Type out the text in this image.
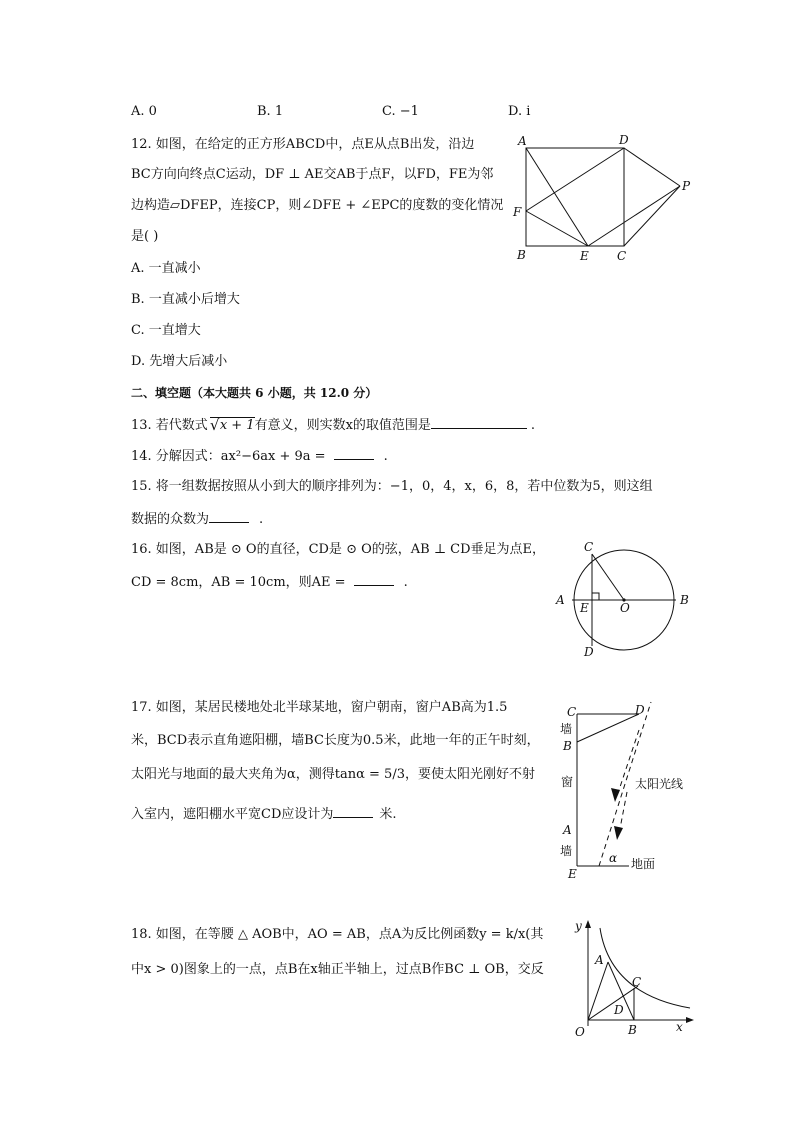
A. 0	B. 1	C. −1	D. i
12. 如图，在给定的正方形ABCD中，点E从点B出发，沿边
BC方向向终点C运动，DF ⊥ AE交AB于点F，以FD，FE为邻
边构造▱DFEP，连接CP，则∠DFE + ∠EPC的度数的变化情况
是( )
A. 一直减小
B. 一直减小后增大
C. 一直增大
D. 先增大后减小
A	D
P
F
B	E C
二、填空题（本大题共 6 小题，共 12.0 分）
13. 若代数式 √ x + 1有意义，则实数x的取值范围是	.
14. 分解因式：ax²−6ax + 9a =	.
15. 将一组数据按照从小到大的顺序排列为：−1，0，4，x，6，8，若中位数为5，则这组
数据的众数为	.
16. 如图，AB是 ⊙ O的直径，CD是 ⊙ O的弦，AB ⊥ CD垂足为点E，
CD = 8cm，AB = 10cm，则AE =	.
C
A
E	O
B
D
17. 如图，某居民楼地处北半球某地，窗户朝南，窗户AB高为1.5
米，BCD表示直角遮阳棚，墙BC长度为0.5米，此地一年的正午时刻，
太阳光与地面的最大夹角为α，测得tanα = 5/3，要使太阳光刚好不射
入室内，遮阳棚水平宽CD应设计为	米.
C	D
墙
B
窗	太阳光线
A
墙	α
E
地面
18. 如图，在等腰 △ AOB中，AO = AB，点A为反比例函数y = k/x(其
中x > 0)图象上的一点，点B在x轴正半轴上，过点B作BC ⊥ OB，交反
y
A
C
D
O	B	x
